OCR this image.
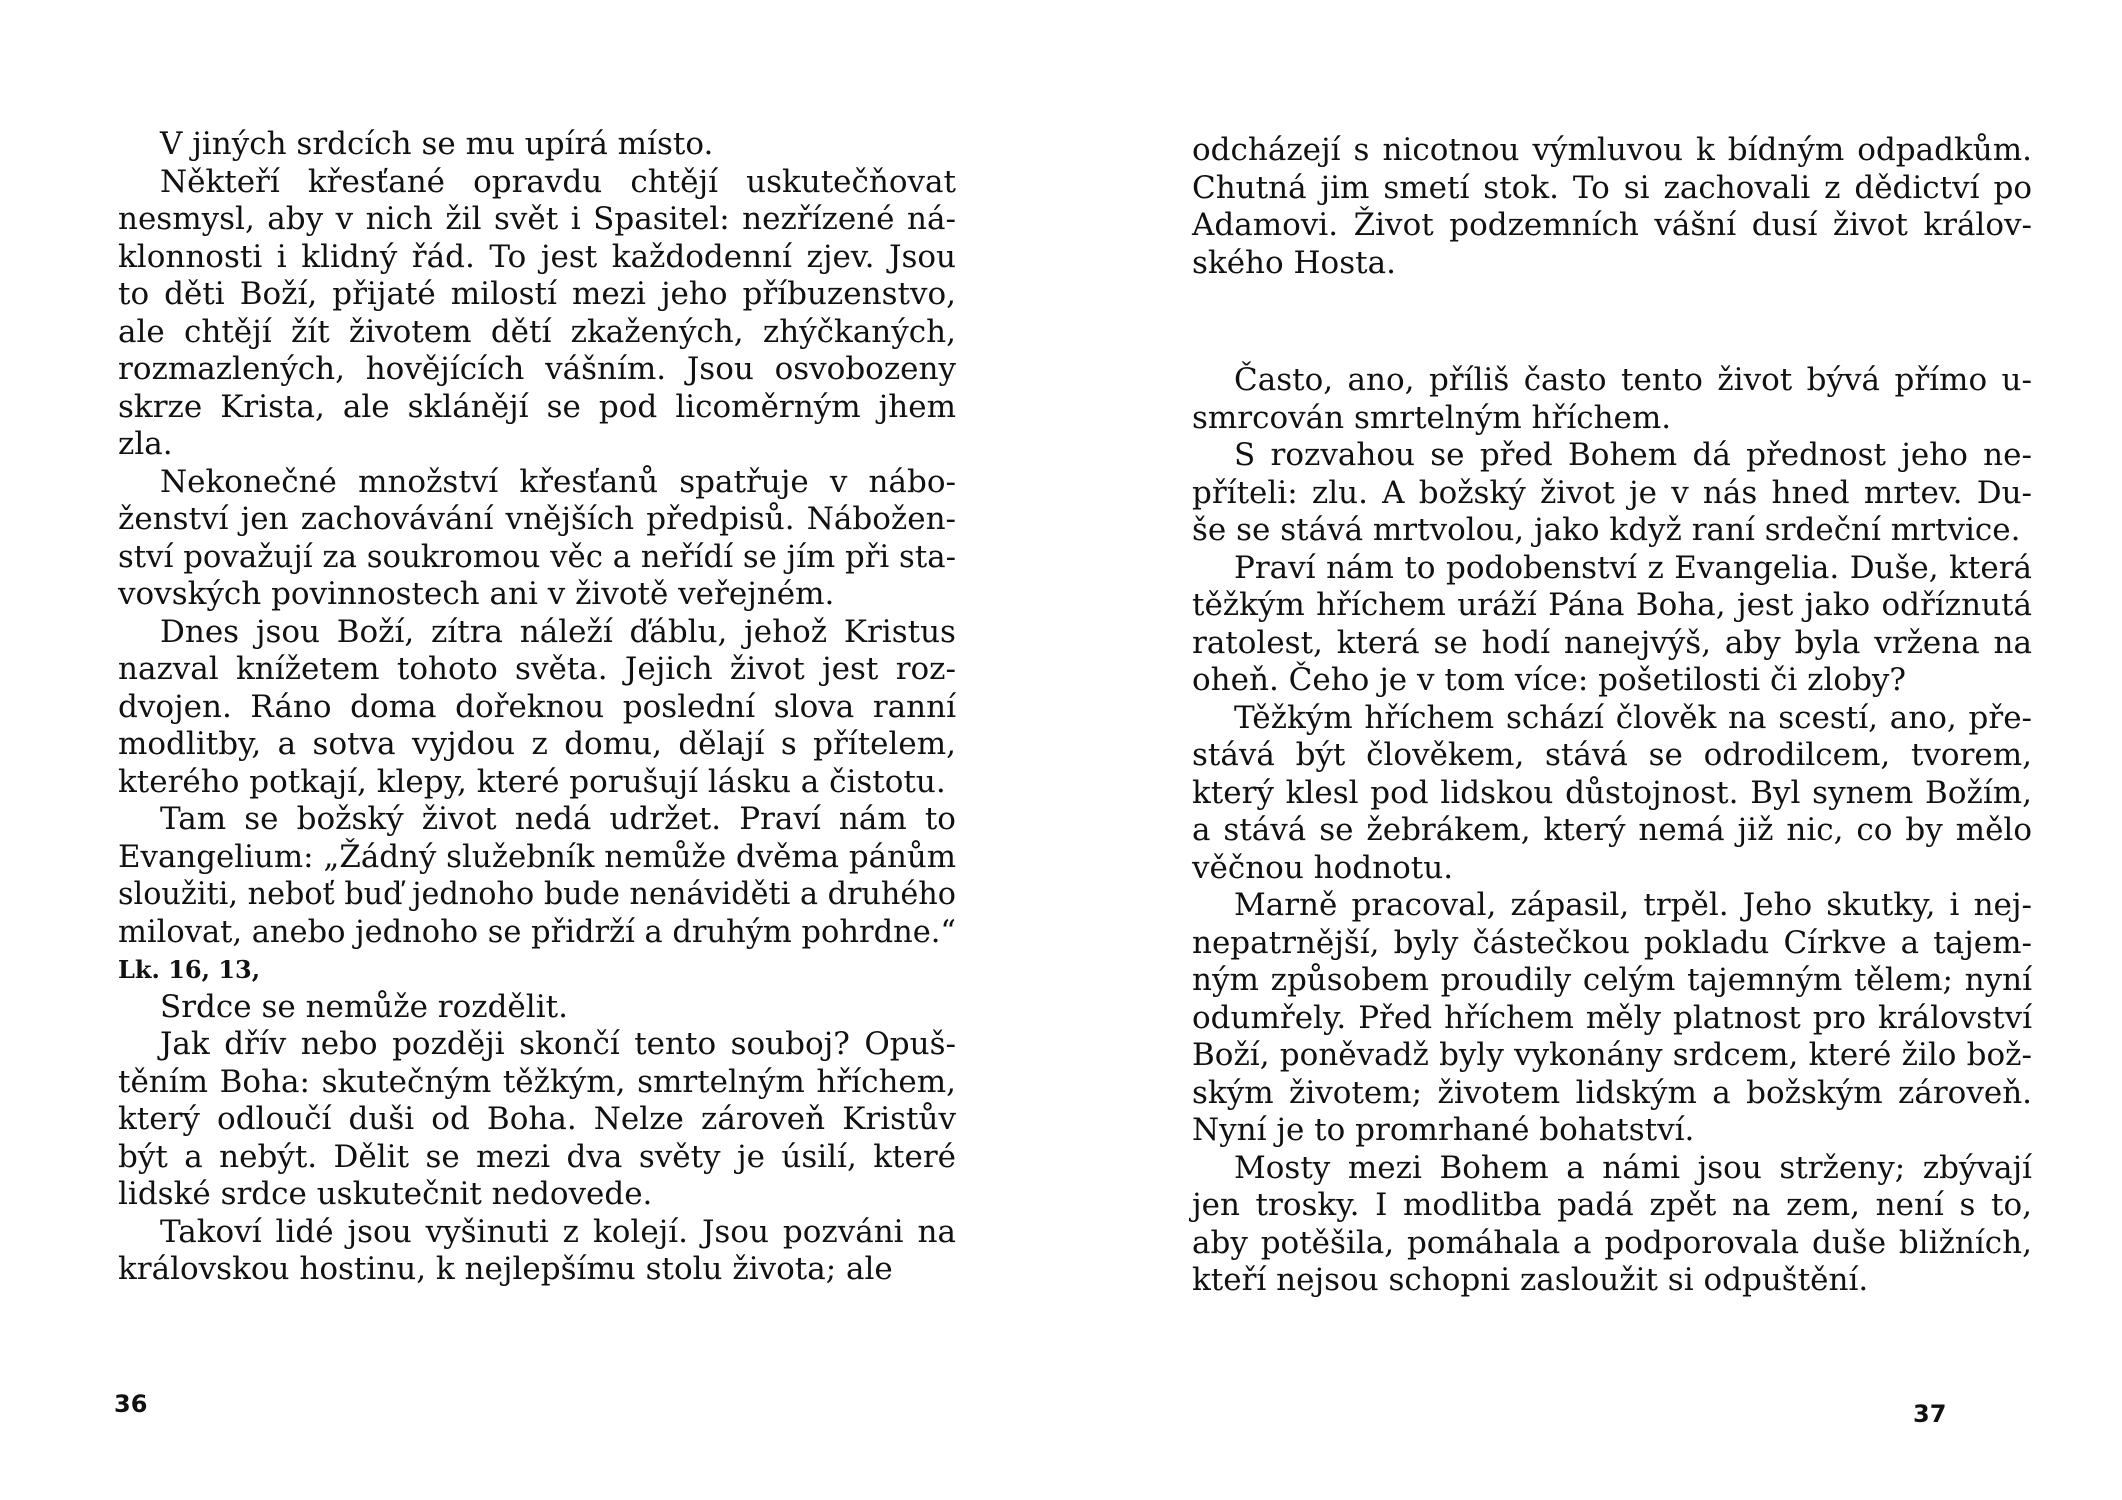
V jiných srdcích se mu upírá místo.
Někteří křesťané opravdu chtějí uskutečňovat
nesmysl, aby v nich žil svět i Spasitel: nezřízené ná-
klonnosti i klidný řád. To jest každodenní zjev. Jsou
to děti Boží, přijaté milostí mezi jeho příbuzenstvo,
ale chtějí žít životem dětí zkažených, zhýčkaných,
rozmazlených, hovějících vášním. Jsou osvobozeny
skrze Krista, ale sklánějí se pod licoměrným jhem
zla.
Nekonečné množství křesťanů spatřuje v nábo-
ženství jen zachovávání vnějších předpisů. Nábožen-
ství považují za soukromou věc a neřídí se jím při sta-
vovských povinnostech ani v životě veřejném.
Dnes jsou Boží, zítra náleží ďáblu, jehož Kristus
nazval knížetem tohoto světa. Jejich život jest roz-
dvojen. Ráno doma dořeknou poslední slova ranní
modlitby, a sotva vyjdou z domu, dělají s přítelem,
kterého potkají, klepy, které porušují lásku a čistotu.
Tam se božský život nedá udržet. Praví nám to
Evangelium: „Žádný služebník nemůže dvěma pánům
sloužiti, neboť buď jednoho bude nenáviděti a druhého
milovat, anebo jednoho se přidrží a druhým pohrdne.“
Lk. 16, 13,
Srdce se nemůže rozdělit.
Jak dřív nebo později skončí tento souboj? Opuš-
těním Boha: skutečným těžkým, smrtelným hříchem,
který odloučí duši od Boha. Nelze zároveň Kristův
být a nebýt. Dělit se mezi dva světy je úsilí, které
lidské srdce uskutečnit nedovede.
Takoví lidé jsou vyšinuti z kolejí. Jsou pozváni na
královskou hostinu, k nejlepšímu stolu života; ale
36
odcházejí s nicotnou výmluvou k bídným odpadkům.
Chutná jim smetí stok. To si zachovali z dědictví po
Adamovi. Život podzemních vášní dusí život králov-
ského Hosta.
Často, ano, příliš často tento život bývá přímo u-
smrcován smrtelným hříchem.
S rozvahou se před Bohem dá přednost jeho ne-
příteli: zlu. A božský život je v nás hned mrtev. Du-
še se stává mrtvolou, jako když raní srdeční mrtvice.
Praví nám to podobenství z Evangelia. Duše, která
těžkým hříchem uráží Pána Boha, jest jako odříznutá
ratolest, která se hodí nanejvýš, aby byla vržena na
oheň. Čeho je v tom více: pošetilosti či zloby?
Těžkým hříchem schází člověk na scestí, ano, pře-
stává být člověkem, stává se odrodilcem, tvorem,
který klesl pod lidskou důstojnost. Byl synem Božím,
a stává se žebrákem, který nemá již nic, co by mělo
věčnou hodnotu.
Marně pracoval, zápasil, trpěl. Jeho skutky, i nej-
nepatrnější, byly částečkou pokladu Církve a tajem-
ným způsobem proudily celým tajemným tělem; nyní
odumřely. Před hříchem měly platnost pro království
Boží, poněvadž byly vykonány srdcem, které žilo bož-
ským životem; životem lidským a božským zároveň.
Nyní je to promrhané bohatství.
Mosty mezi Bohem a námi jsou strženy; zbývají
jen trosky. I modlitba padá zpět na zem, není s to,
aby potěšila, pomáhala a podporovala duše bližních,
kteří nejsou schopni zasloužit si odpuštění.
37
